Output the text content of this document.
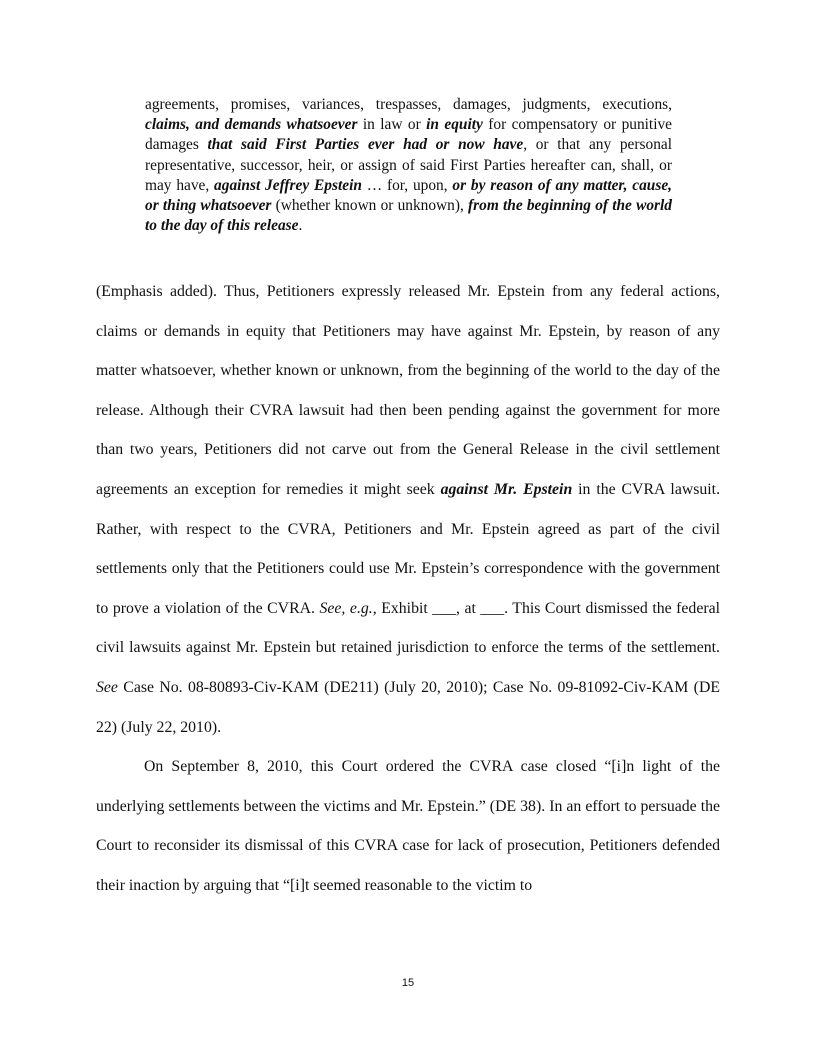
agreements, promises, variances, trespasses, damages, judgments, executions, claims, and demands whatsoever in law or in equity for compensatory or punitive damages that said First Parties ever had or now have, or that any personal representative, successor, heir, or assign of said First Parties hereafter can, shall, or may have, against Jeffrey Epstein … for, upon, or by reason of any matter, cause, or thing whatsoever (whether known or unknown), from the beginning of the world to the day of this release.

(Emphasis added). Thus, Petitioners expressly released Mr. Epstein from any federal actions, claims or demands in equity that Petitioners may have against Mr. Epstein, by reason of any matter whatsoever, whether known or unknown, from the beginning of the world to the day of the release. Although their CVRA lawsuit had then been pending against the government for more than two years, Petitioners did not carve out from the General Release in the civil settlement agreements an exception for remedies it might seek against Mr. Epstein in the CVRA lawsuit. Rather, with respect to the CVRA, Petitioners and Mr. Epstein agreed as part of the civil settlements only that the Petitioners could use Mr. Epstein’s correspondence with the government to prove a violation of the CVRA. See, e.g., Exhibit ___, at ___. This Court dismissed the federal civil lawsuits against Mr. Epstein but retained jurisdiction to enforce the terms of the settlement. See Case No. 08-80893-Civ-KAM (DE211) (July 20, 2010); Case No. 09-81092-Civ-KAM (DE 22) (July 22, 2010).

On September 8, 2010, this Court ordered the CVRA case closed “[i]n light of the underlying settlements between the victims and Mr. Epstein.” (DE 38). In an effort to persuade the Court to reconsider its dismissal of this CVRA case for lack of prosecution, Petitioners defended their inaction by arguing that “[i]t seemed reasonable to the victim to

15
